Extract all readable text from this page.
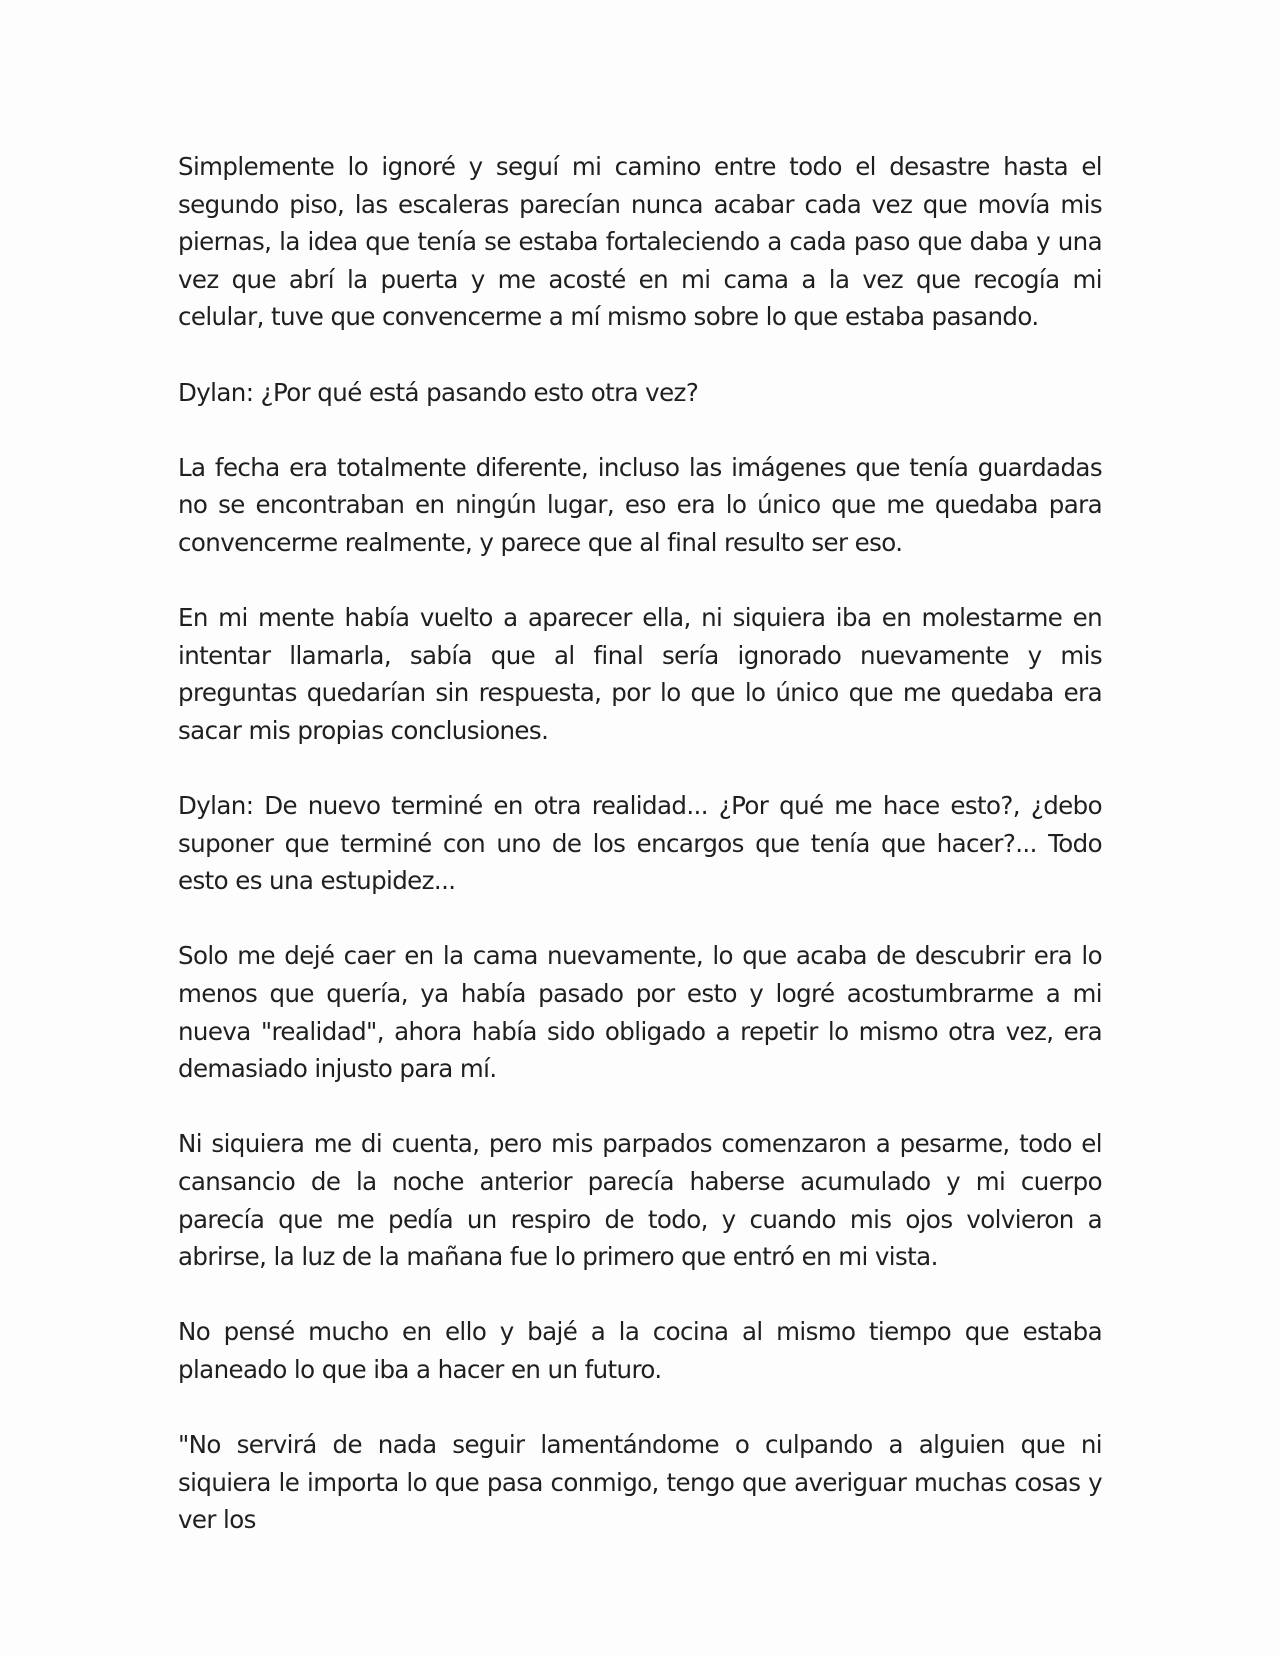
Simplemente lo ignoré y seguí mi camino entre todo el desastre hasta el segundo piso, las escaleras parecían nunca acabar cada vez que movía mis piernas, la idea que tenía se estaba fortaleciendo a cada paso que daba y una vez que abrí la puerta y me acosté en mi cama a la vez que recogía mi celular, tuve que convencerme a mí mismo sobre lo que estaba pasando.

Dylan: ¿Por qué está pasando esto otra vez?

La fecha era totalmente diferente, incluso las imágenes que tenía guardadas no se encontraban en ningún lugar, eso era lo único que me quedaba para convencerme realmente, y parece que al final resulto ser eso.

En mi mente había vuelto a aparecer ella, ni siquiera iba en molestarme en intentar llamarla, sabía que al final sería ignorado nuevamente y mis preguntas quedarían sin respuesta, por lo que lo único que me quedaba era sacar mis propias conclusiones.

Dylan: De nuevo terminé en otra realidad... ¿Por qué me hace esto?, ¿debo suponer que terminé con uno de los encargos que tenía que hacer?... Todo esto es una estupidez...

Solo me dejé caer en la cama nuevamente, lo que acaba de descubrir era lo menos que quería, ya había pasado por esto y logré acostumbrarme a mi nueva "realidad", ahora había sido obligado a repetir lo mismo otra vez, era demasiado injusto para mí.

Ni siquiera me di cuenta, pero mis parpados comenzaron a pesarme, todo el cansancio de la noche anterior parecía haberse acumulado y mi cuerpo parecía que me pedía un respiro de todo, y cuando mis ojos volvieron a abrirse, la luz de la mañana fue lo primero que entró en mi vista.

No pensé mucho en ello y bajé a la cocina al mismo tiempo que estaba planeado lo que iba a hacer en un futuro.

"No servirá de nada seguir lamentándome o culpando a alguien que ni siquiera le importa lo que pasa conmigo, tengo que averiguar muchas cosas y ver los
